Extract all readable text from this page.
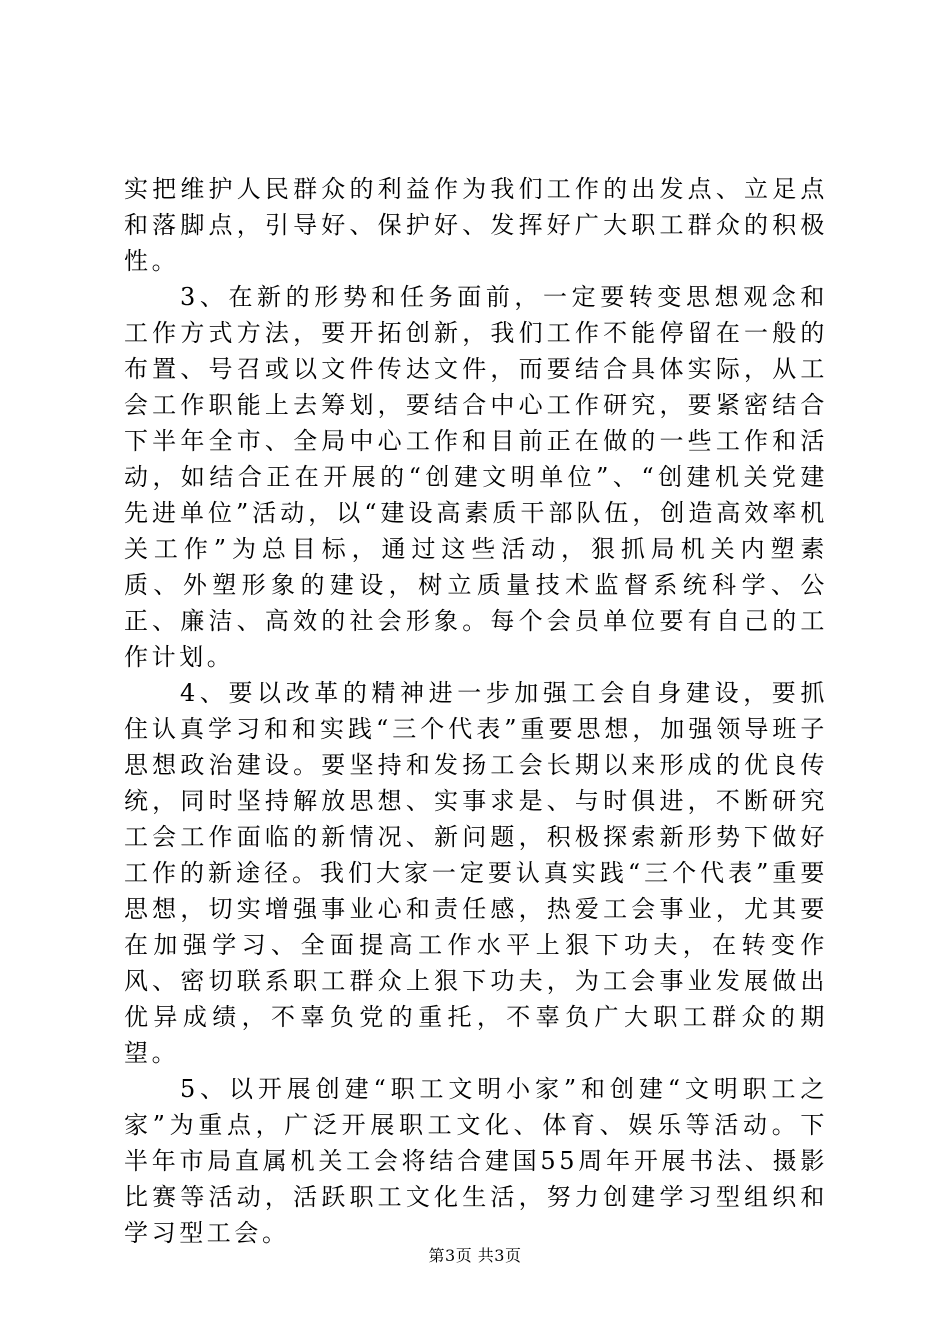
实把维护人民群众的利益作为我们工作的出发点、立足点和落脚点，引导好、保护好、发挥好广大职工群众的积极性。

3、在新的形势和任务面前，一定要转变思想观念和工作方式方法，要开拓创新，我们工作不能停留在一般的布置、号召或以文件传达文件，而要结合具体实际，从工会工作职能上去筹划，要结合中心工作研究，要紧密结合下半年全市、全局中心工作和目前正在做的一些工作和活动，如结合正在开展的“创建文明单位”、“创建机关党建先进单位”活动，以“建设高素质干部队伍，创造高效率机关工作”为总目标，通过这些活动，狠抓局机关内塑素质、外塑形象的建设，树立质量技术监督系统科学、公正、廉洁、高效的社会形象。每个会员单位要有自己的工作计划。

4、要以改革的精神进一步加强工会自身建设，要抓住认真学习和和实践“三个代表”重要思想，加强领导班子思想政治建设。要坚持和发扬工会长期以来形成的优良传统，同时坚持解放思想、实事求是、与时俱进，不断研究工会工作面临的新情况、新问题，积极探索新形势下做好工作的新途径。我们大家一定要认真实践“三个代表”重要思想，切实增强事业心和责任感，热爱工会事业，尤其要在加强学习、全面提高工作水平上狠下功夫，在转变作风、密切联系职工群众上狠下功夫，为工会事业发展做出优异成绩，不辜负党的重托，不辜负广大职工群众的期望。

5、以开展创建“职工文明小家”和创建“文明职工之家”为重点，广泛开展职工文化、体育、娱乐等活动。下半年市局直属机关工会将结合建国55周年开展书法、摄影比赛等活动，活跃职工文化生活，努力创建学习型组织和学习型工会。

第3页 共3页
